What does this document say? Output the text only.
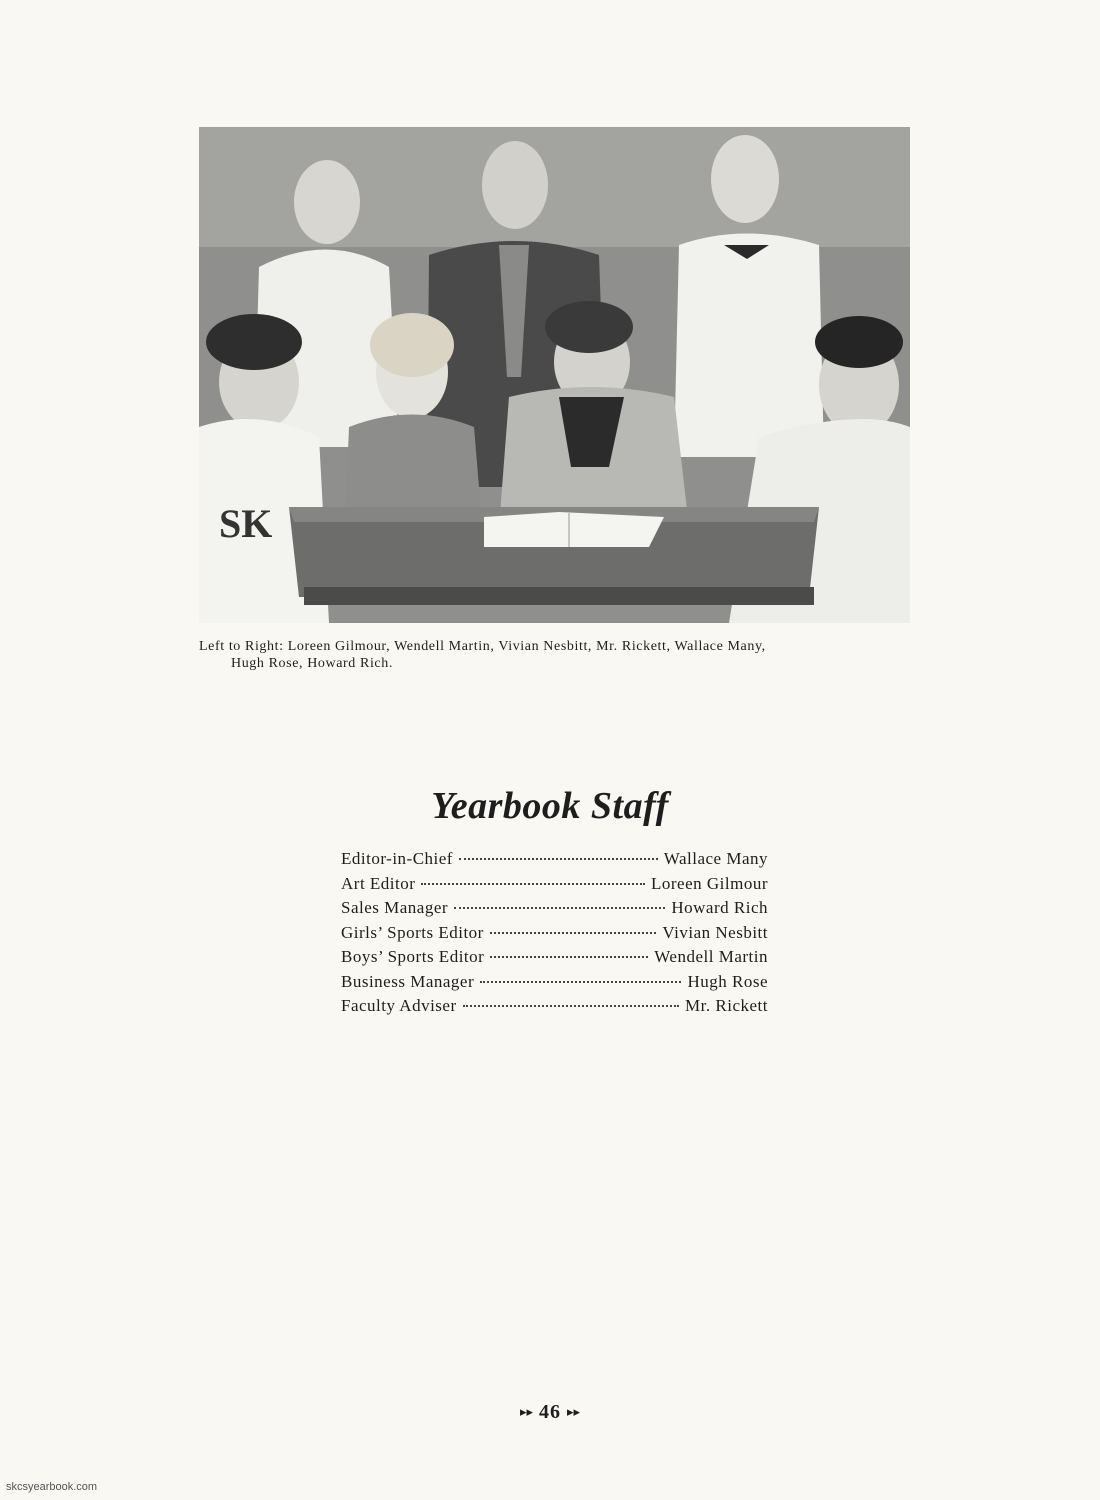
SK
Left to Right: Loreen Gilmour, Wendell Martin, Vivian Nesbitt, Mr. Rickett, Wallace Many,
Hugh Rose, Howard Rich.
Yearbook Staff
Editor-in-Chief	Wallace Many
Art Editor	Loreen Gilmour
Sales Manager	Howard Rich
Girls’ Sports Editor	Vivian Nesbitt
Boys’ Sports Editor	Wendell Martin
Business Manager	Hugh Rose
Faculty Adviser	Mr. Rickett
▸▸ 46 ▸▸
skcsyearbook.com
